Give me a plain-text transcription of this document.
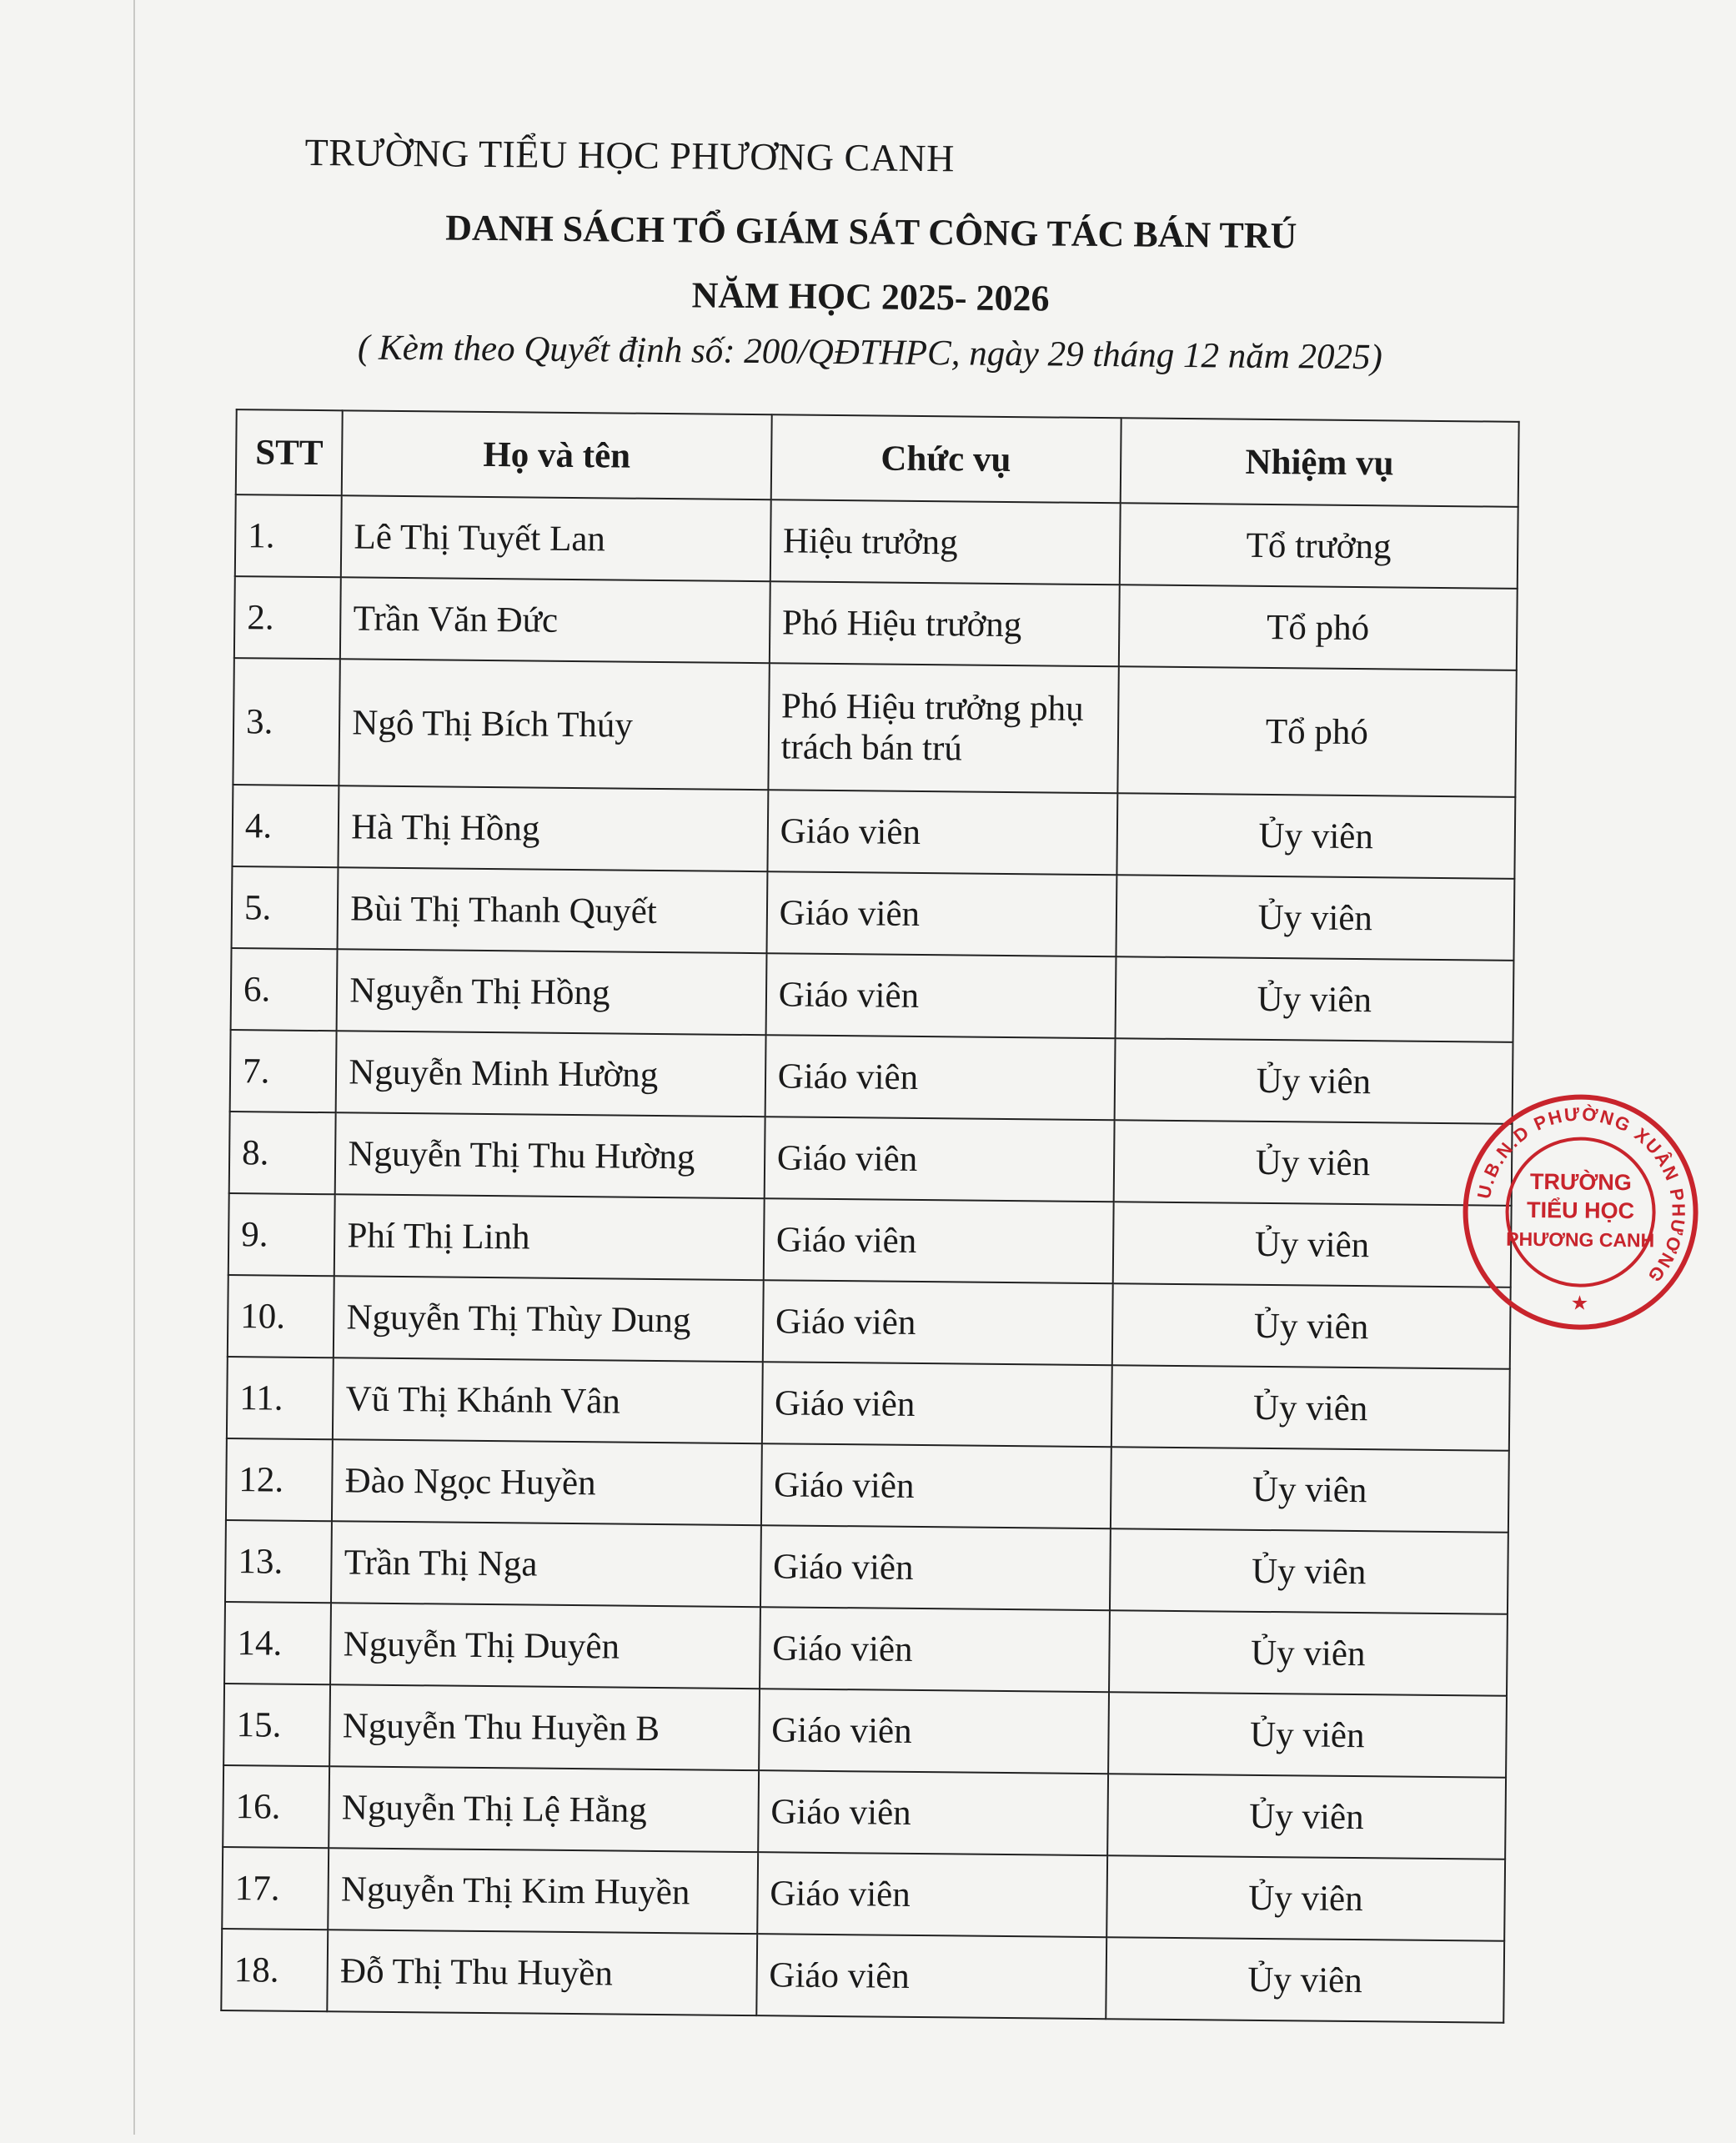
TRƯỜNG TIỂU HỌC PHƯƠNG CANH
DANH SÁCH TỔ GIÁM SÁT CÔNG TÁC BÁN TRÚ
NĂM HỌC 2025- 2026
( Kèm theo Quyết định số: 200/QĐTHPC, ngày 29 tháng 12 năm 2025)
STT	Họ và tên	Chức vụ	Nhiệm vụ
1.	Lê Thị Tuyết Lan	Hiệu trưởng	Tổ trưởng
2.	Trần Văn Đức	Phó Hiệu trưởng	Tổ phó
3.	Ngô Thị Bích Thúy	Phó Hiệu trưởng phụ trách bán trú	Tổ phó
4.	Hà Thị Hồng	Giáo viên	Ủy viên
5.	Bùi Thị Thanh Quyết	Giáo viên	Ủy viên
6.	Nguyễn Thị Hồng	Giáo viên	Ủy viên
7.	Nguyễn Minh Hường	Giáo viên	Ủy viên
8.	Nguyễn Thị Thu Hường	Giáo viên	Ủy viên
9.	Phí Thị Linh	Giáo viên	Ủy viên
10.	Nguyễn Thị Thùy Dung	Giáo viên	Ủy viên
11.	Vũ Thị Khánh Vân	Giáo viên	Ủy viên
12.	Đào Ngọc Huyền	Giáo viên	Ủy viên
13.	Trần Thị Nga	Giáo viên	Ủy viên
14.	Nguyễn Thị Duyên	Giáo viên	Ủy viên
15.	Nguyễn Thu Huyền B	Giáo viên	Ủy viên
16.	Nguyễn Thị Lệ Hằng	Giáo viên	Ủy viên
17.	Nguyễn Thị Kim Huyền	Giáo viên	Ủy viên
18.	Đỗ Thị Thu Huyền	Giáo viên	Ủy viên
U.B.N.D PHƯỜNG XUÂN PHƯƠNG
TRƯỜNG
TIỂU HỌC
PHƯƠNG CANH
★
